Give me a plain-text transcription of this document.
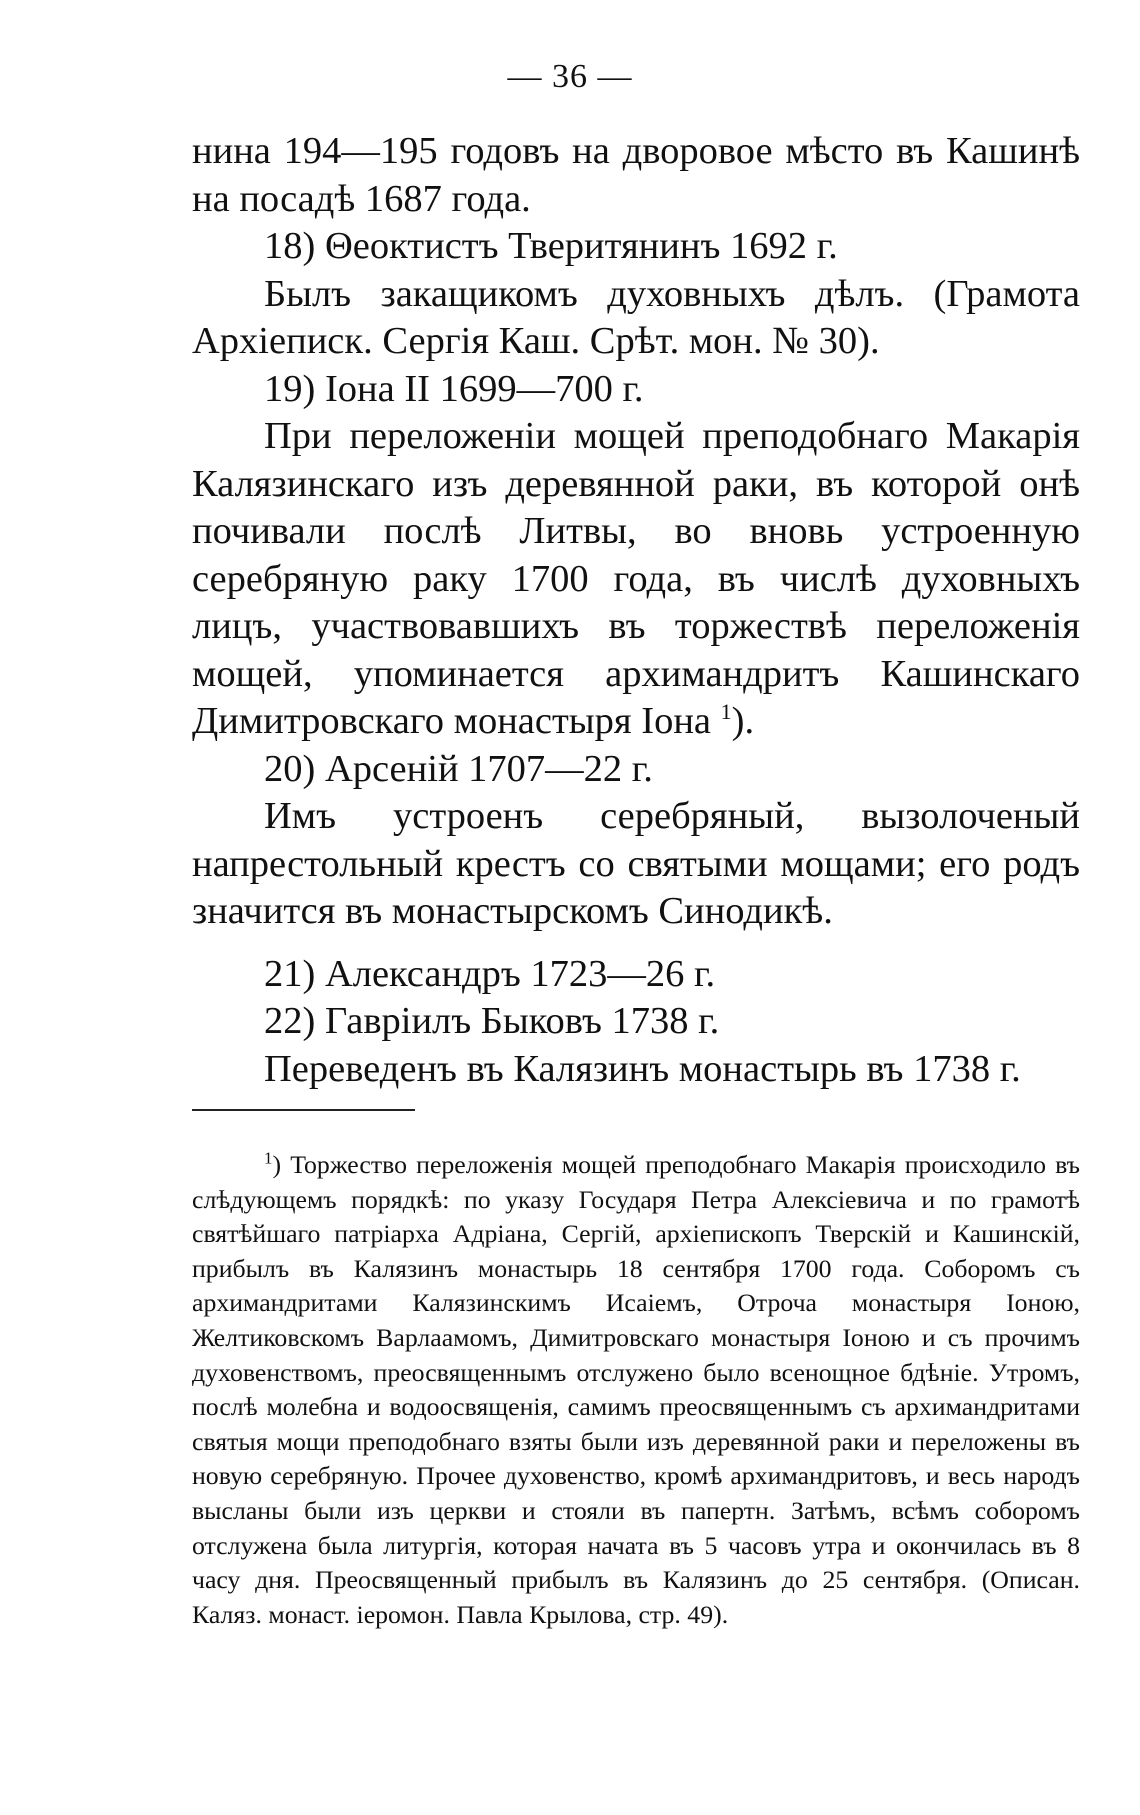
— 36 —

нина 194—195 годовъ на дворовое мѣсто въ Кашинѣ на посадѣ 1687 года.

18) Θеоктистъ Тверитянинъ 1692 г.

Былъ закащикомъ духовныхъ дѣлъ. (Грамота Архіеписк. Сергія Каш. Срѣт. мон. № 30).

19) Іона II 1699—700 г.

При переложеніи мощей преподобнаго Макарія Калязинскаго изъ деревянной раки, въ которой онѣ почивали послѣ Литвы, во вновь устроенную серебряную раку 1700 года, въ числѣ духовныхъ лицъ, участвовавшихъ въ торжествѣ переложенія мощей, упоминается архимандритъ Кашинскаго Димитровскаго монастыря Іона $^1$).

20) Арсеній 1707—22 г.

Имъ устроенъ серебряный, вызолоченый напрестольный крестъ со святыми мощами; его родъ значится въ монастырскомъ Синодикѣ.

21) Александръ 1723—26 г.

22) Гавріилъ Быковъ 1738 г.

Переведенъ въ Калязинъ монастырь въ 1738 г.

$^1$) Торжество переложенія мощей преподобнаго Макарія происходило въ слѣдующемъ порядкѣ: по указу Государя Петра Алексіевича и по грамотѣ святѣйшаго патріарха Адріана, Сергій, архіепископъ Тверскій и Кашинскій, прибылъ въ Калязинъ монастырь 18 сентября 1700 года. Соборомъ съ архимандритами Калязинскимъ Исаіемъ, Отроча монастыря Іоною, Желтиковскомъ Варлаамомъ, Димитровскаго монастыря Іоною и съ прочимъ духовенствомъ, преосвященнымъ отслужено было всенощное бдѣніе. Утромъ, послѣ молебна и водоосвященія, самимъ преосвященнымъ съ архимандритами святыя мощи преподобнаго взяты были изъ деревянной раки и переложены въ новую серебряную. Прочее духовенство, кромѣ архимандритовъ, и весь народъ высланы были изъ церкви и стояли въ папертн. Затѣмъ, всѣмъ соборомъ отслужена была литургія, которая начата въ 5 часовъ утра и окончилась въ 8 часу дня. Преосвященный прибылъ въ Калязинъ до 25 сентября. (Описан. Каляз. монаст. іеромон. Павла Крылова, стр. 49).
